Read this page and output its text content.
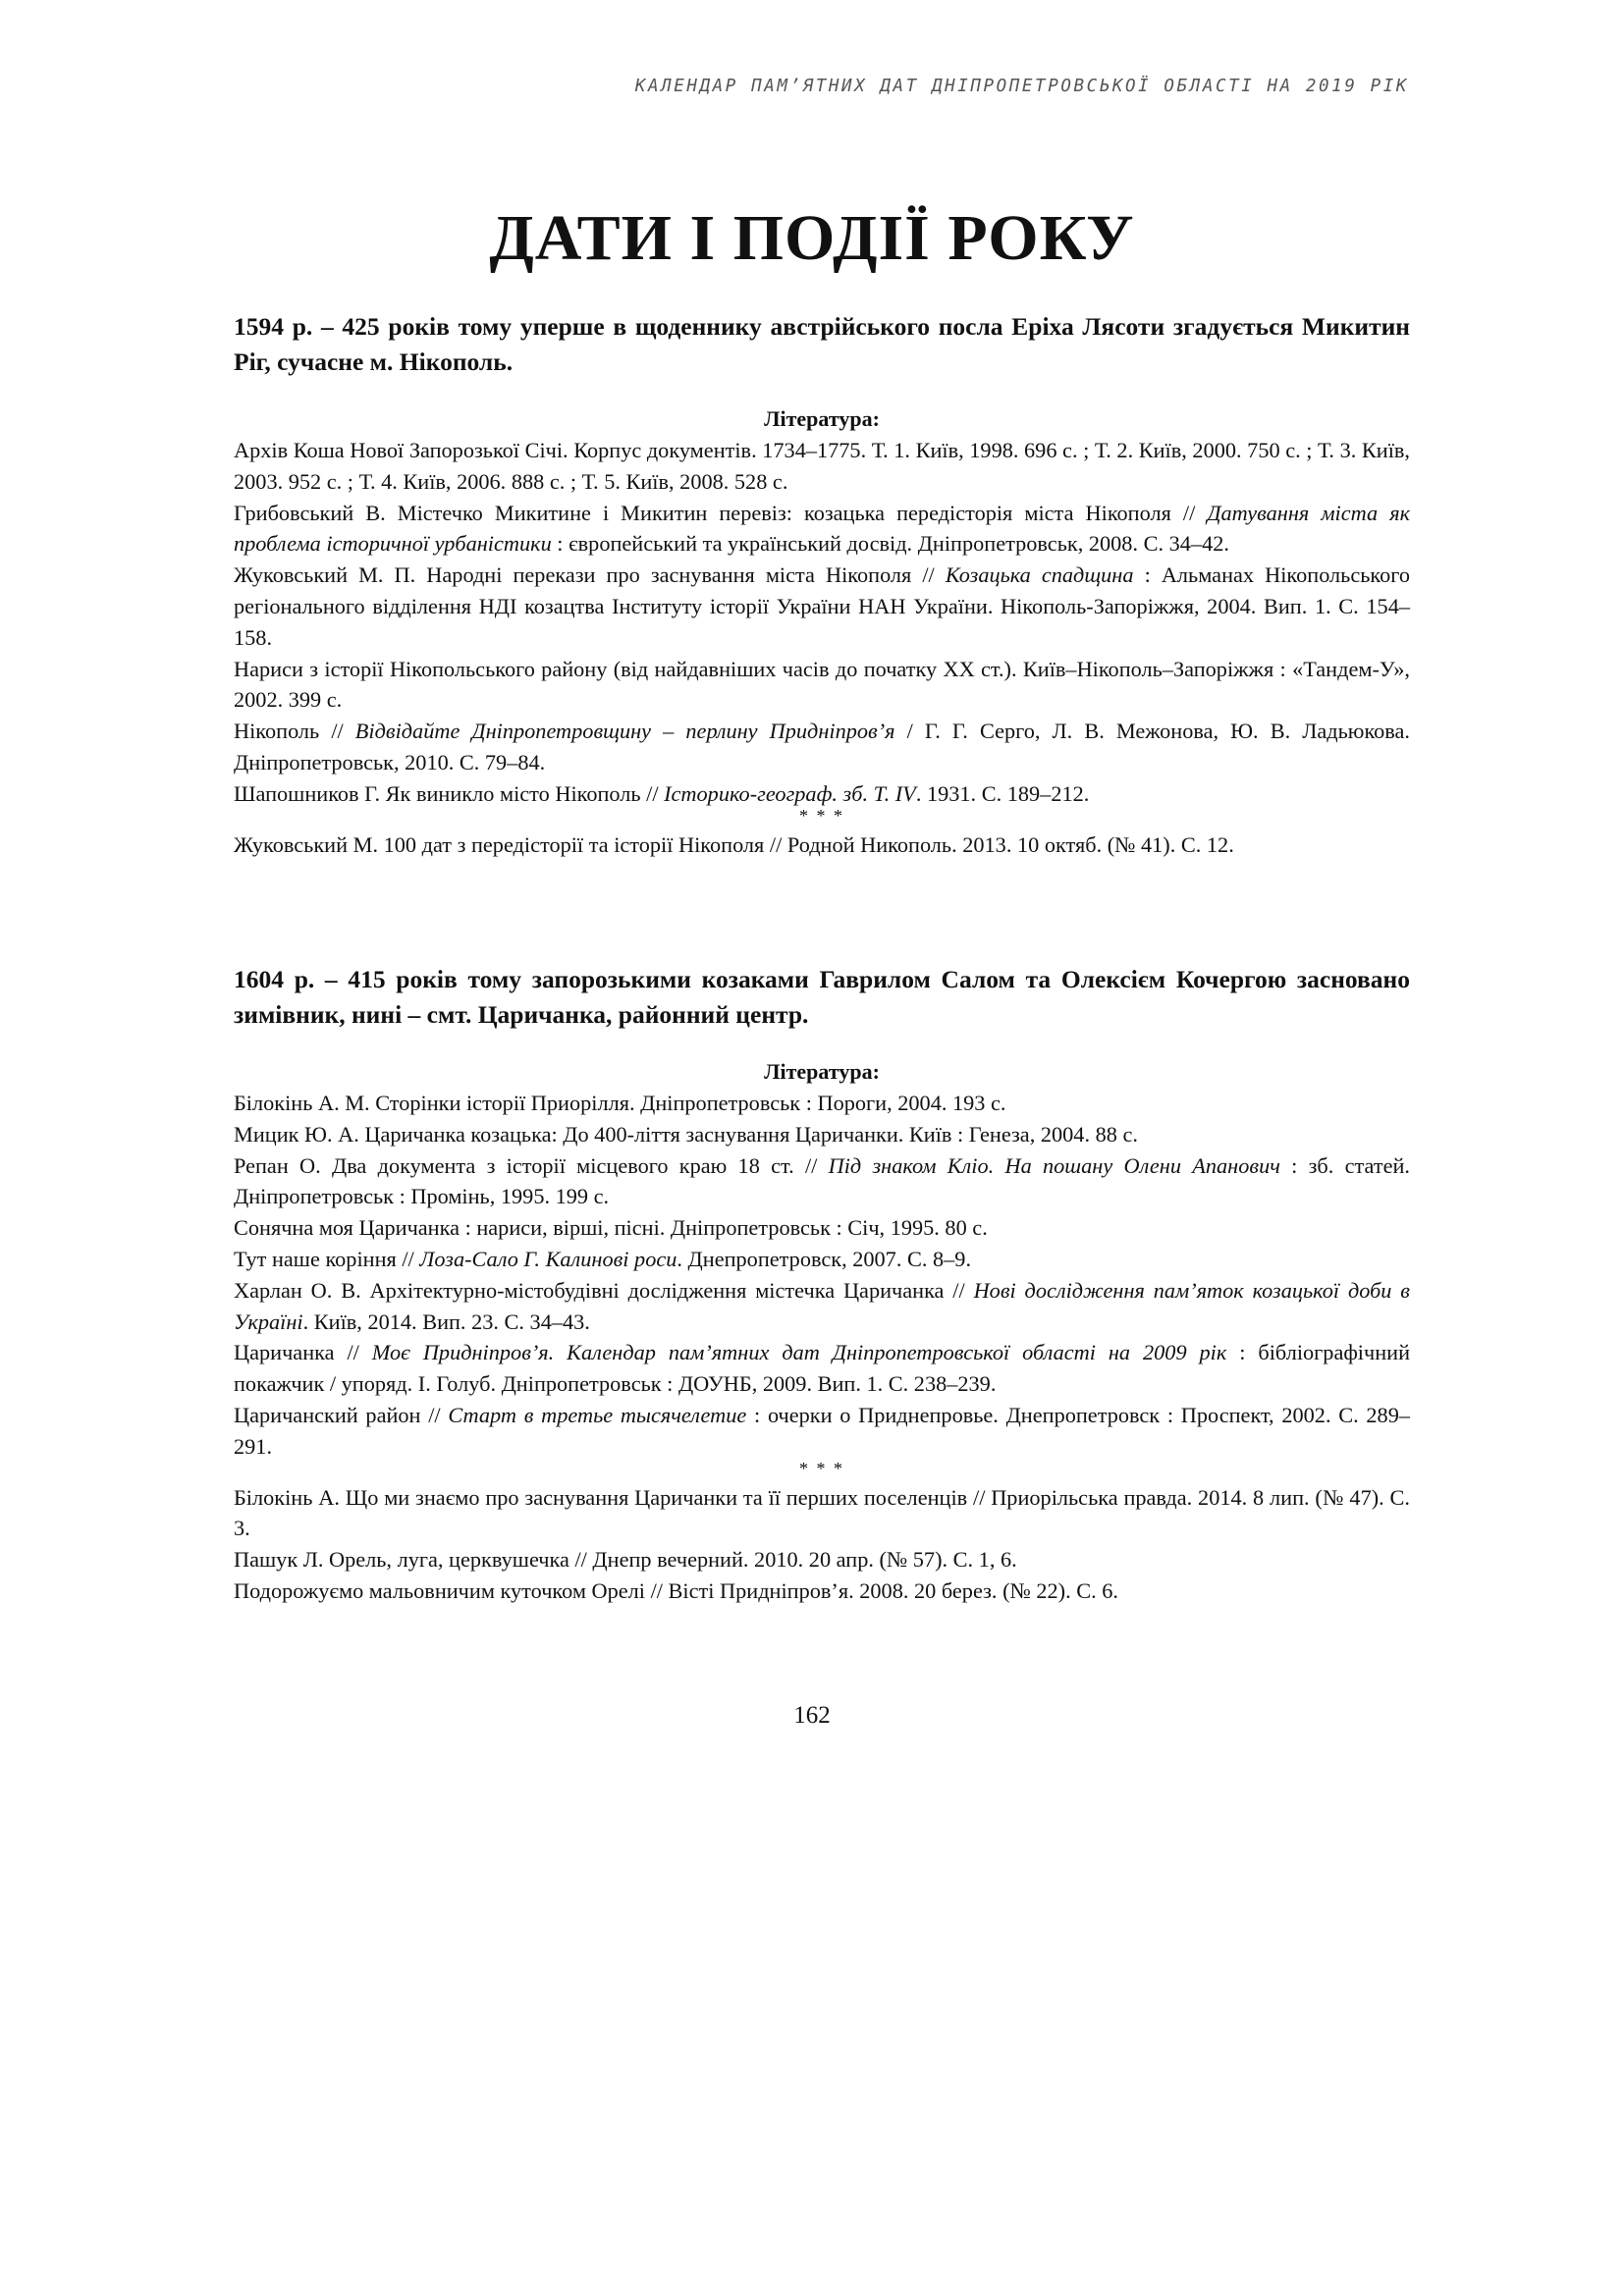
КАЛЕНДАР ПАМ’ЯТНИХ ДАТ ДНІПРОПЕТРОВСЬКОЇ ОБЛАСТІ НА 2019 РІК
ДАТИ І ПОДІЇ РОКУ
1594 р. – 425 років тому уперше в щоденнику австрійського посла Еріха Лясоти згадується Микитин Ріг, сучасне м. Нікополь.
Література:
Архів Коша Нової Запорозької Січі. Корпус документів. 1734–1775. Т. 1. Київ, 1998. 696 с. ; Т. 2. Київ, 2000. 750 с. ; Т. 3. Київ, 2003. 952 с. ; Т. 4. Київ, 2006. 888 с. ; Т. 5. Київ, 2008. 528 с.
Грибовський В. Містечко Микитине і Микитин перевіз: козацька передісторія міста Нікополя // Датування міста як проблема історичної урбаністики : європейський та український досвід. Дніпропетровськ, 2008. С. 34–42.
Жуковський М. П. Народні перекази про заснування міста Нікополя // Козацька спадщина : Альманах Нікопольського регіонального відділення НДІ козацтва Інституту історії України НАН України. Нікополь-Запоріжжя, 2004. Вип. 1. С. 154–158.
Нариси з історії Нікопольського району (від найдавніших часів до початку XX ст.). Київ–Нікополь–Запоріжжя : «Тандем-У», 2002. 399 с.
Нікополь // Відвідайте Дніпропетровщину – перлину Придніпров’я / Г. Г. Серго, Л. В. Межонова, Ю. В. Ладьюкова. Дніпропетровськ, 2010. С. 79–84.
Шапошников Г. Як виникло місто Нікополь // Історико-географ. зб. Т. IV. 1931. С. 189–212.
* * *
Жуковський М. 100 дат з передісторії та історії Нікополя // Родной Никополь. 2013. 10 октяб. (№ 41). С. 12.
1604 р. – 415 років тому запорозькими козаками Гаврилом Салом та Олексієм Кочергою засновано зимівник, нині – смт. Царичанка, районний центр.
Література:
Білокінь А. М. Сторінки історії Приорілля. Дніпропетровськ : Пороги, 2004. 193 с.
Мицик Ю. А. Царичанка козацька: До 400-ліття заснування Царичанки. Київ : Генеза, 2004. 88 с.
Репан О. Два документа з історії місцевого краю 18 ст. // Під знаком Кліо. На пошану Олени Апанович : зб. статей. Дніпропетровськ : Промінь, 1995. 199 с.
Сонячна моя Царичанка : нариси, вірші, пісні. Дніпропетровськ : Січ, 1995. 80 с.
Тут наше коріння // Лоза-Сало Г. Калинові роси. Днепропетровск, 2007. С. 8–9.
Харлан О. В. Архітектурно-містобудівні дослідження містечка Царичанка // Нові дослідження пам’яток козацької доби в Україні. Київ, 2014. Вип. 23. С. 34–43.
Царичанка // Моє Придніпров’я. Календар пам’ятних дат Дніпропетровської області на 2009 рік : бібліографічний покажчик / упоряд. І. Голуб. Дніпропетровськ : ДОУНБ, 2009. Вип. 1. С. 238–239.
Царичанский район // Старт в третье тысячелетие : очерки о Приднепровье. Днепропетровск : Проспект, 2002. С. 289–291.
* * *
Білокінь А. Що ми знаємо про заснування Царичанки та її перших поселенців // Приорільська правда. 2014. 8 лип. (№ 47). С. 3.
Пашук Л. Орель, луга, церквушечка // Днепр вечерний. 2010. 20 апр. (№ 57). С. 1, 6.
Подорожуємо мальовничим куточком Орелі // Вісті Придніпров’я. 2008. 20 берез. (№ 22). С. 6.
162
